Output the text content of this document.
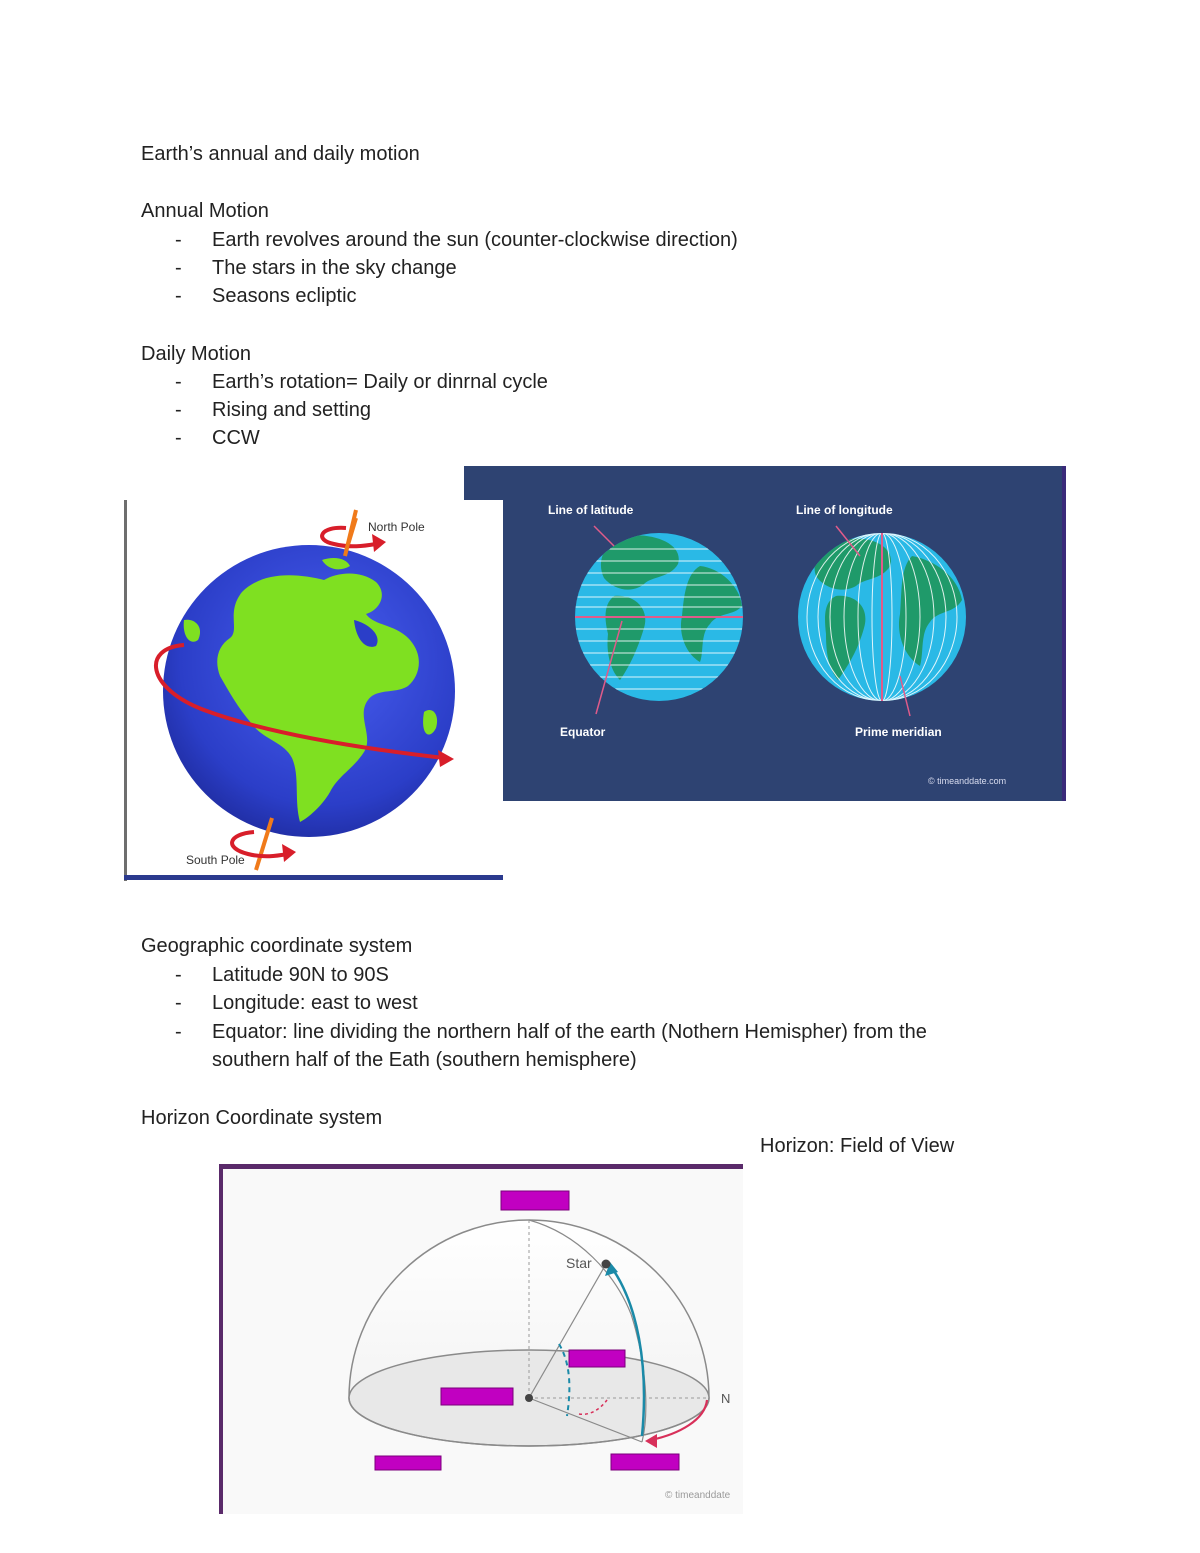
Earth’s annual and daily motion
Annual Motion
- Earth revolves around the sun (counter-clockwise direction)
- The stars in the sky change
- Seasons ecliptic
Daily Motion
- Earth’s rotation= Daily or dinrnal cycle
- Rising and setting
- CCW
Line of latitude	Line of longitude
Equator	Prime meridian
© timeanddate.com
North Pole
South Pole
Geographic coordinate system
- Latitude 90N to 90S
- Longitude: east to west
- Equator: line dividing the northern half of the earth (Nothern Hemispher) from the
southern half of the Eath (southern hemisphere)
Horizon Coordinate system
Horizon: Field of View
Star
N
© timeanddate
